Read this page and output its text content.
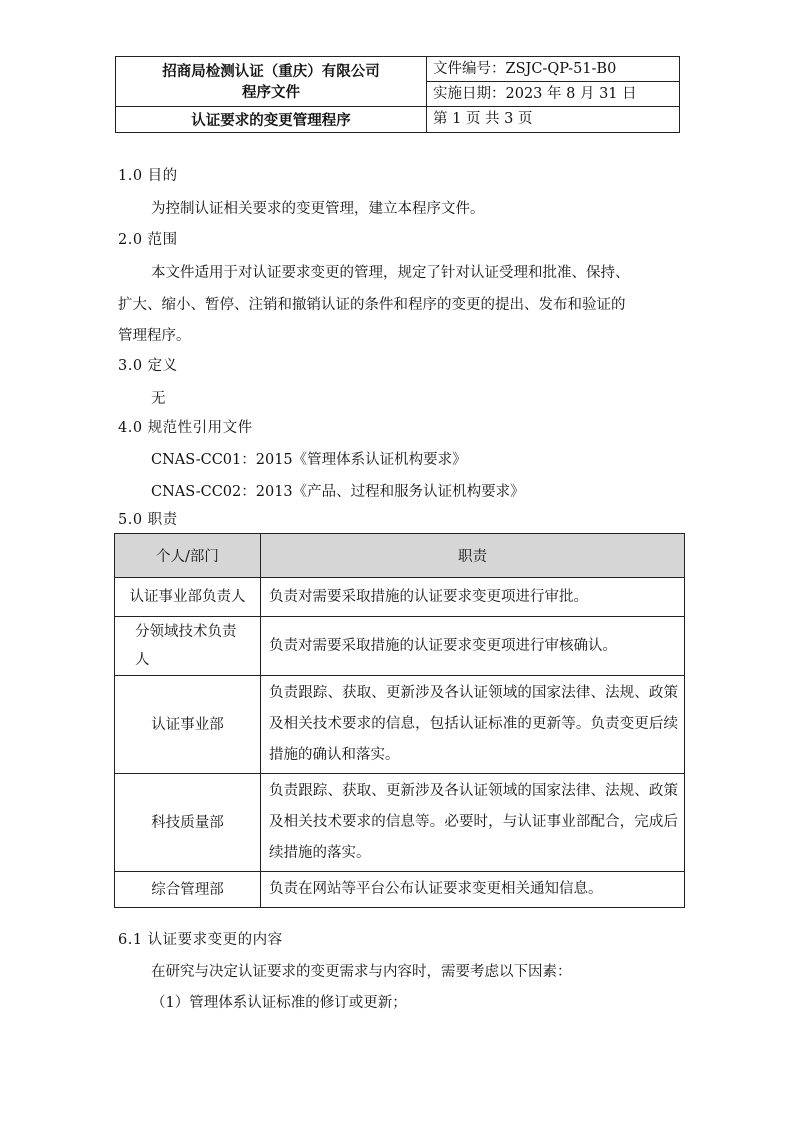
招商局检测认证（重庆）有限公司
程序文件	文件编号：ZSJC-QP-51-B0
	实施日期：2023 年 8 月 31 日
认证要求的变更管理程序	第 1 页 共 3 页
1.0 目的
为控制认证相关要求的变更管理，建立本程序文件。
2.0 范围
本文件适用于对认证要求变更的管理，规定了针对认证受理和批准、保持、
扩大、缩小、暂停、注销和撤销认证的条件和程序的变更的提出、发布和验证的
管理程序。
3.0 定义
无
4.0 规范性引用文件
CNAS-CC01：2015《管理体系认证机构要求》
CNAS-CC02：2013《产品、过程和服务认证机构要求》
5.0 职责
个人/部门	职责
认证事业部负责人	负责对需要采取措施的认证要求变更项进行审批。
分领域技术负责人	负责对需要采取措施的认证要求变更项进行审核确认。
认证事业部	负责跟踪、获取、更新涉及各认证领域的国家法律、法规、政策及相关技术要求的信息，包括认证标准的更新等。负责变更后续措施的确认和落实。
科技质量部	负责跟踪、获取、更新涉及各认证领域的国家法律、法规、政策及相关技术要求的信息等。必要时，与认证事业部配合，完成后续措施的落实。
综合管理部	负责在网站等平台公布认证要求变更相关通知信息。
6.1 认证要求变更的内容
在研究与决定认证要求的变更需求与内容时，需要考虑以下因素：
（1）管理体系认证标准的修订或更新；
